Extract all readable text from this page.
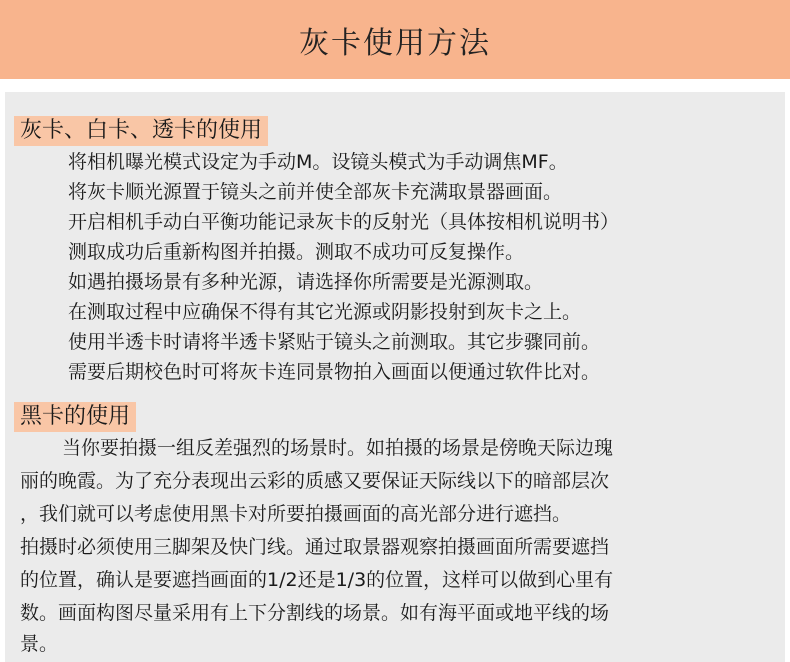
灰卡使用方法
灰卡、白卡、透卡的使用
将相机曝光模式设定为手动M。设镜头模式为手动调焦MF。
将灰卡顺光源置于镜头之前并使全部灰卡充满取景器画面。
开启相机手动白平衡功能记录灰卡的反射光（具体按相机说明书）
测取成功后重新构图并拍摄。测取不成功可反复操作。
如遇拍摄场景有多种光源，请选择你所需要是光源测取。
在测取过程中应确保不得有其它光源或阴影投射到灰卡之上。
使用半透卡时请将半透卡紧贴于镜头之前测取。其它步骤同前。
需要后期校色时可将灰卡连同景物拍入画面以便通过软件比对。
黑卡的使用
当你要拍摄一组反差强烈的场景时。如拍摄的场景是傍晚天际边瑰
丽的晚霞。为了充分表现出云彩的质感又要保证天际线以下的暗部层次
，我们就可以考虑使用黑卡对所要拍摄画面的高光部分进行遮挡。
拍摄时必须使用三脚架及快门线。通过取景器观察拍摄画面所需要遮挡
的位置，确认是要遮挡画面的1/2还是1/3的位置，这样可以做到心里有
数。画面构图尽量采用有上下分割线的场景。如有海平面或地平线的场
景。
